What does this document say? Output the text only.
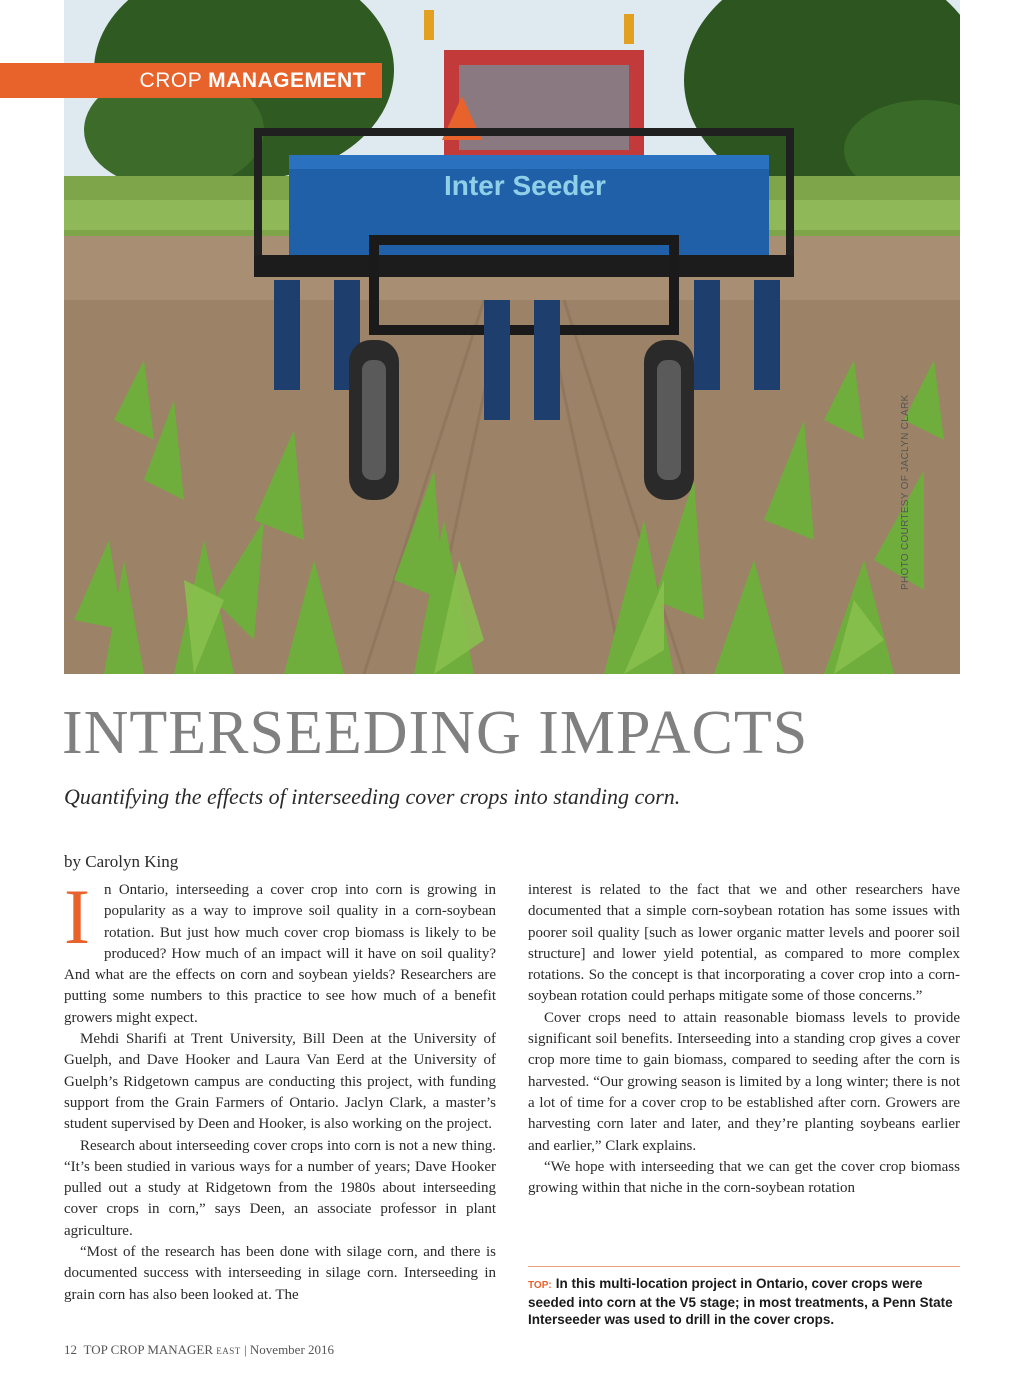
Inter Seeder
CROP MANAGEMENT
PHOTO COURTESY OF JACLYN CLARK
INTERSEEDING IMPACTS

Quantifying the effects of interseeding cover crops into standing corn.

by Carolyn King

In Ontario, interseeding a cover crop into corn is growing in popularity as a way to improve soil quality in a corn-soybean rotation. But just how much cover crop biomass is likely to be produced? How much of an impact will it have on soil quality? And what are the effects on corn and soybean yields? Researchers are putting some numbers to this practice to see how much of a benefit growers might expect.

Mehdi Sharifi at Trent University, Bill Deen at the University of Guelph, and Dave Hooker and Laura Van Eerd at the University of Guelph’s Ridgetown campus are conducting this project, with funding support from the Grain Farmers of Ontario. Jaclyn Clark, a master’s student supervised by Deen and Hooker, is also working on the project.

Research about interseeding cover crops into corn is not a new thing. “It’s been studied in various ways for a number of years; Dave Hooker pulled out a study at Ridgetown from the 1980s about interseeding cover crops in corn,” says Deen, an associate professor in plant agriculture.

“Most of the research has been done with silage corn, and there is documented success with interseeding in silage corn. Interseeding in grain corn has also been looked at. The

interest is related to the fact that we and other researchers have documented that a simple corn-soybean rotation has some issues with poorer soil quality [such as lower organic matter levels and poorer soil structure] and lower yield potential, as compared to more complex rotations. So the concept is that incorporating a cover crop into a corn-soybean rotation could perhaps mitigate some of those concerns.”

Cover crops need to attain reasonable biomass levels to provide significant soil benefits. Interseeding into a standing crop gives a cover crop more time to gain biomass, compared to seeding after the corn is harvested. “Our growing season is limited by a long winter; there is not a lot of time for a cover crop to be established after corn. Growers are harvesting corn later and later, and they’re planting soybeans earlier and earlier,” Clark explains.

“We hope with interseeding that we can get the cover crop biomass growing within that niche in the corn-soybean rotation

TOP: In this multi-location project in Ontario, cover crops were seeded into corn at the V5 stage; in most treatments, a Penn State Interseeder was used to drill in the cover crops.
12 TOP CROP MANAGER EAST | November 2016
